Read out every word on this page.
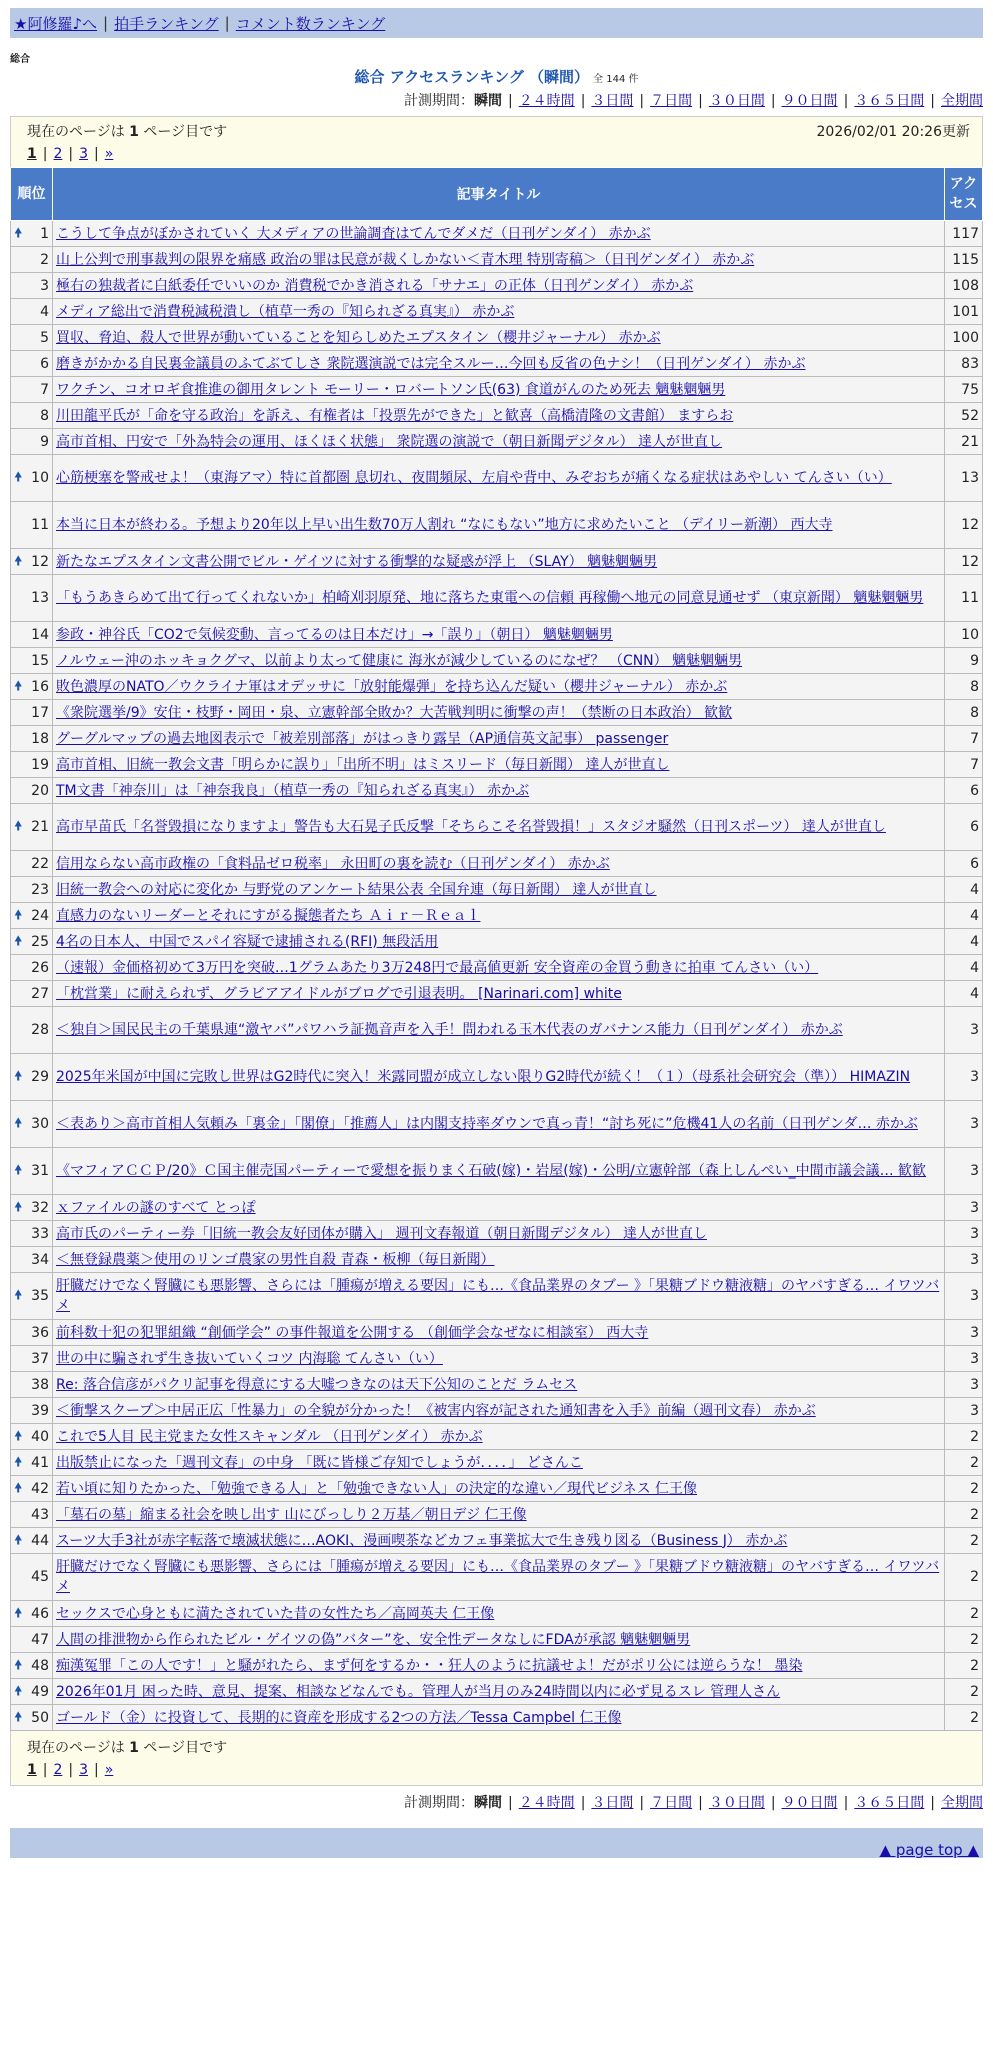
★阿修羅♪へ | 拍手ランキング | コメント数ランキング
総合
総合 アクセスランキング （瞬間） 全 144 件
計測期間：瞬間 | ２４時間 | ３日間 | ７日間 | ３０日間 | ９０日間 | ３６５日間 | 全期間
現在のページは 1 ページ目です	2026/02/01 20:26更新
1 | 2 | 3 | »
順位	記事タイトル	アクセス

🠝 1	こうして争点がぼかされていく 大メディアの世論調査はてんでダメだ（日刊ゲンダイ） 赤かぶ	117
2	山上公判で刑事裁判の限界を痛感 政治の罪は民意が裁くしかない＜青木理 特別寄稿＞（日刊ゲンダイ） 赤かぶ	115
3	極右の独裁者に白紙委任でいいのか 消費税でかき消される「サナエ」の正体（日刊ゲンダイ） 赤かぶ	108
4	メディア総出で消費税減税潰し（植草一秀の『知られざる真実』） 赤かぶ	101
5	買収、脅迫、殺人で世界が動いていることを知らしめたエプスタイン（櫻井ジャーナル） 赤かぶ	100
6	磨きがかかる自民裏金議員のふてぶてしさ 衆院選演説では完全スルー…今回も反省の色ナシ！（日刊ゲンダイ） 赤かぶ	83
7	ワクチン、コオロギ食推進の御用タレント モーリー・ロバートソン氏(63) 食道がんのため死去 魑魅魍魎男	75
8	川田龍平氏が「命を守る政治」を訴え、有権者は「投票先ができた」と歓喜（高橋清隆の文書館） ますらお	52
9	高市首相、円安で「外為特会の運用、ほくほく状態」 衆院選の演説で（朝日新聞デジタル） 達人が世直し	21

🠝 10	心筋梗塞を警戒せよ！（東海アマ）特に首都圏 息切れ、夜間頻尿、左肩や背中、みぞおちが痛くなる症状はあやしい てんさい（い）	13
11	本当に日本が終わる。予想より20年以上早い出生数70万人割れ “なにもない”地方に求めたいこと （デイリー新潮） 西大寺	12

🠝 12	新たなエプスタイン文書公開でビル・ゲイツに対する衝撃的な疑惑が浮上 （SLAY） 魑魅魍魎男	12
13	「もうあきらめて出て行ってくれないか」柏崎刈羽原発、地に落ちた東電への信頼 再稼働へ地元の同意見通せず （東京新聞） 魑魅魍魎男	11
14	参政・神谷氏「CO2で気候変動、言ってるのは日本だけ」→「誤り」（朝日） 魑魅魍魎男	10
15	ノルウェー沖のホッキョクグマ、以前より太って健康に 海氷が減少しているのになぜ？ （CNN） 魑魅魍魎男	9

🠝 16	敗色濃厚のNATO／ウクライナ軍はオデッサに「放射能爆弾」を持ち込んだ疑い（櫻井ジャーナル） 赤かぶ	8
17	《衆院選挙/9》安住・枝野・岡田・泉、立憲幹部全敗か？大苦戦判明に衝撃の声！（禁断の日本政治） 歓歓	8
18	グーグルマップの過去地図表示で「被差別部落」がはっきり露呈（AP通信英文記事） passenger	7
19	高市首相、旧統一教会文書「明らかに誤り」「出所不明」はミスリード（毎日新聞） 達人が世直し	7
20	TM文書「神奈川」は「神奈我良」（植草一秀の『知られざる真実』） 赤かぶ	6

🠝 21	高市早苗氏「名誉毀損になりますよ」警告も大石晃子氏反撃「そちらこそ名誉毀損！」スタジオ騒然（日刊スポーツ） 達人が世直し	6
22	信用ならない高市政権の「食料品ゼロ税率」 永田町の裏を読む（日刊ゲンダイ） 赤かぶ	6
23	旧統一教会への対応に変化か 与野党のアンケート結果公表 全国弁連（毎日新聞） 達人が世直し	4

🠝 24	直感力のないリーダーとそれにすがる擬態者たち Ａｉｒ－Ｒｅａｌ	4

🠝 25	4名の日本人、中国でスパイ容疑で逮捕される(RFI) 無段活用	4
26	（速報）金価格初めて3万円を突破…1グラムあたり3万248円で最高値更新 安全資産の金買う動きに拍車 てんさい（い）	4
27	「枕営業」に耐えられず、グラビアアイドルがブログで引退表明。 [Narinari.com] white	4
28	＜独自＞国民民主の千葉県連“激ヤバ”パワハラ証拠音声を入手！問われる玉木代表のガバナンス能力（日刊ゲンダイ） 赤かぶ	3

🠝 29	2025年米国が中国に完敗し世界はG2時代に突入！米露同盟が成立しない限りG2時代が続く！（１）（母系社会研究会（準）） HIMAZIN	3

🠝 30	＜表あり＞高市首相人気頼み「裏金」「閣僚」「推薦人」は内閣支持率ダウンで真っ青！“討ち死に”危機41人の名前（日刊ゲンダ… 赤かぶ	3

🠝 31	《マフィアＣＣＰ/20》Ｃ国主催売国パーティーで愛想を振りまく石破(嫁)・岩屋(嫁)・公明/立憲幹部（森上しんぺい_中間市議会議… 歓歓	3

🠝 32	ｘファイルの謎のすべて とっぽ	3
33	高市氏のパーティー券「旧統一教会友好団体が購入」 週刊文春報道（朝日新聞デジタル） 達人が世直し	3
34	＜無登録農薬＞使用のリンゴ農家の男性自殺 青森・板柳（毎日新聞）	3

🠝 35	肝臓だけでなく腎臓にも悪影響、さらには「腫瘍が増える要因」にも…《食品業界のタブー 》「果糖ブドウ糖液糖」のヤバすぎる… イワツバメ	3
36	前科数十犯の犯罪組織 “創価学会” の事件報道を公開する （創価学会なぜなに相談室） 西大寺	3
37	世の中に騙されず生き抜いていくコツ 内海聡 てんさい（い）	3
38	Re: 落合信彦がパクリ記事を得意にする大嘘つきなのは天下公知のことだ ラムセス	3
39	＜衝撃スクープ＞中居正広「性暴力」の全貌が分かった！《被害内容が記された通知書を入手》前編（週刊文春） 赤かぶ	3

🠝 40	これで5人目 民主党また女性スキャンダル （日刊ゲンダイ） 赤かぶ	2

🠝 41	出版禁止になった「週刊文春」の中身 「既に皆様ご存知でしょうが．．．．」 どさんこ	2

🠝 42	若い頃に知りたかった、「勉強できる人」と「勉強できない人」の決定的な違い／現代ビジネス 仁王像	2
43	「墓石の墓」縮まる社会を映し出す 山にびっしり２万基／朝日デジ 仁王像	2

🠝 44	スーツ大手3社が赤字転落で壊滅状態に…AOKI、漫画喫茶などカフェ事業拡大で生き残り図る（Business J） 赤かぶ	2
45	肝臓だけでなく腎臓にも悪影響、さらには「腫瘍が増える要因」にも…《食品業界のタブー 》「果糖ブドウ糖液糖」のヤバすぎる… イワツバメ	2

🠝 46	セックスで心身ともに満たされていた昔の女性たち／高岡英夫 仁王像	2
47	人間の排泄物から作られたビル・ゲイツの偽”バター”を、安全性データなしにFDAが承認 魑魅魍魎男	2

🠝 48	痴漢冤罪「この人です！」と騒がれたら、まず何をするか・・狂人のように抗議せよ！だがポリ公には逆らうな！ 墨染	2

🠝 49	2026年01月 困った時、意見、提案、相談などなんでも。管理人が当月のみ24時間以内に必ず見るスレ 管理人さん	2

🠝 50	ゴールド（金）に投資して、長期的に資産を形成する2つの方法／Tessa Campbel 仁王像	2
現在のページは 1 ページ目です
1 | 2 | 3 | »
計測期間：瞬間 | ２４時間 | ３日間 | ７日間 | ３０日間 | ９０日間 | ３６５日間 | 全期間
▲ page top ▲
